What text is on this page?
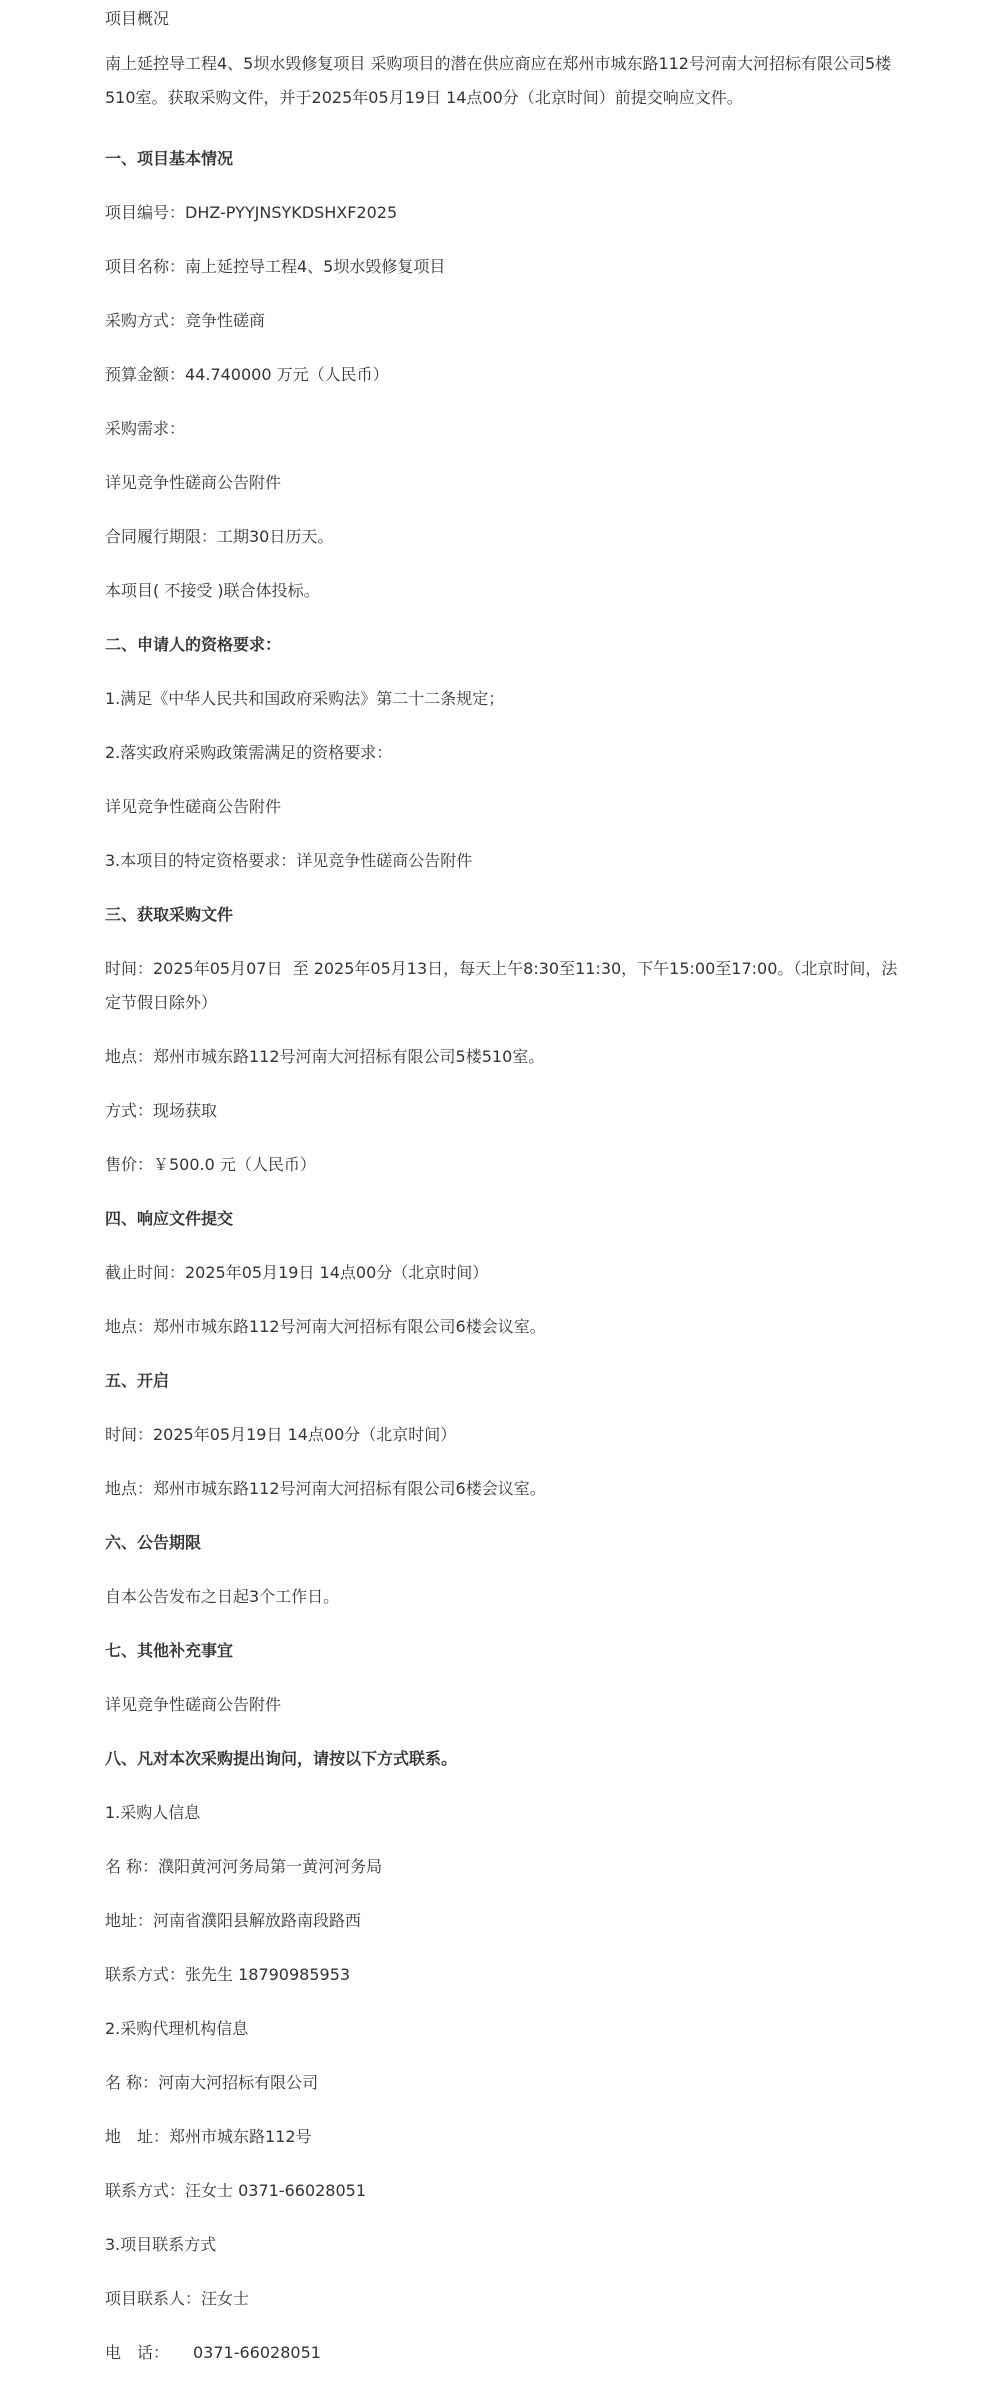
项目概况

南上延控导工程4、5坝水毁修复项目 采购项目的潜在供应商应在郑州市城东路112号河南大河招标有限公司5楼510室。获取采购文件，并于2025年05月19日 14点00分（北京时间）前提交响应文件。

一、项目基本情况

项目编号：DHZ-PYYJNSYKDSHXF2025

项目名称：南上延控导工程4、5坝水毁修复项目

采购方式：竞争性磋商

预算金额：44.740000 万元（人民币）

采购需求：

详见竞争性磋商公告附件

合同履行期限：工期30日历天。

本项目( 不接受 )联合体投标。

二、申请人的资格要求：

1.满足《中华人民共和国政府采购法》第二十二条规定；

2.落实政府采购政策需满足的资格要求：

详见竞争性磋商公告附件

3.本项目的特定资格要求：详见竞争性磋商公告附件

三、获取采购文件

时间：2025年05月07日  至 2025年05月13日，每天上午8:30至11:30，下午15:00至17:00。（北京时间，法定节假日除外）

地点：郑州市城东路112号河南大河招标有限公司5楼510室。

方式：现场获取

售价：￥500.0 元（人民币）

四、响应文件提交

截止时间：2025年05月19日 14点00分（北京时间）

地点：郑州市城东路112号河南大河招标有限公司6楼会议室。

五、开启

时间：2025年05月19日 14点00分（北京时间）

地点：郑州市城东路112号河南大河招标有限公司6楼会议室。

六、公告期限

自本公告发布之日起3个工作日。

七、其他补充事宜

详见竞争性磋商公告附件

八、凡对本次采购提出询问，请按以下方式联系。

1.采购人信息

名 称：濮阳黄河河务局第一黄河河务局

地址：河南省濮阳县解放路南段路西

联系方式：张先生 18790985953

2.采购代理机构信息

名 称：河南大河招标有限公司

地　址：郑州市城东路112号

联系方式：汪女士 0371-66028051

3.项目联系方式

项目联系人：汪女士

电　话：　　0371-66028051
